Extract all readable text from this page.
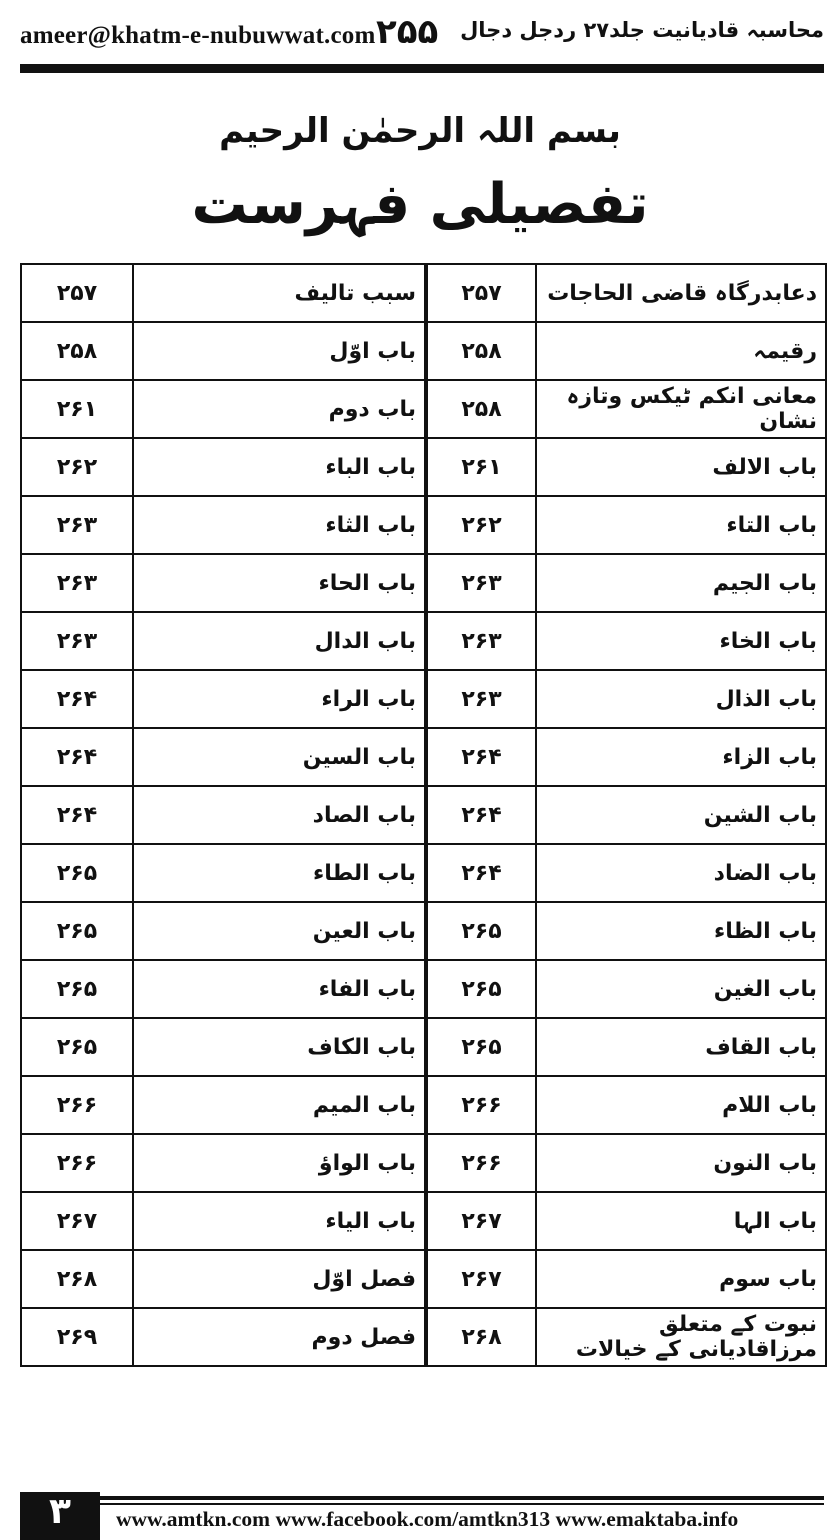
ameer@khatm-e-nubuwwat.com ۲۵۵ محاسبہ قادیانیت جلد۲۷ ردجل دجال
بسم اللہ الرحمٰن الرحیم
تفصیلی فہرست
۲۵۷	سبب تالیف	۲۵۷	دعابدرگاہ قاضی الحاجات
۲۵۸	باب اوّل	۲۵۸	رقیمہ
۲۶۱	باب دوم	۲۵۸	معانی انکم ٹیکس وتازہ نشان
۲۶۲	باب الباء	۲۶۱	باب الالف
۲۶۳	باب الثاء	۲۶۲	باب التاء
۲۶۳	باب الحاء	۲۶۳	باب الجیم
۲۶۳	باب الدال	۲۶۳	باب الخاء
۲۶۴	باب الراء	۲۶۳	باب الذال
۲۶۴	باب السین	۲۶۴	باب الزاء
۲۶۴	باب الصاد	۲۶۴	باب الشین
۲۶۵	باب الطاء	۲۶۴	باب الضاد
۲۶۵	باب العین	۲۶۵	باب الظاء
۲۶۵	باب الفاء	۲۶۵	باب الغین
۲۶۵	باب الکاف	۲۶۵	باب القاف
۲۶۶	باب المیم	۲۶۶	باب اللام
۲۶۶	باب الواؤ	۲۶۶	باب النون
۲۶۷	باب الیاء	۲۶۷	باب الہا
۲۶۸	فصل اوّل	۲۶۷	باب سوم
۲۶۹	فصل دوم	۲۶۸	نبوت کے متعلق مرزاقادیانی کے خیالات
۳	www.amtkn.com www.facebook.com/amtkn313 www.emaktaba.info
